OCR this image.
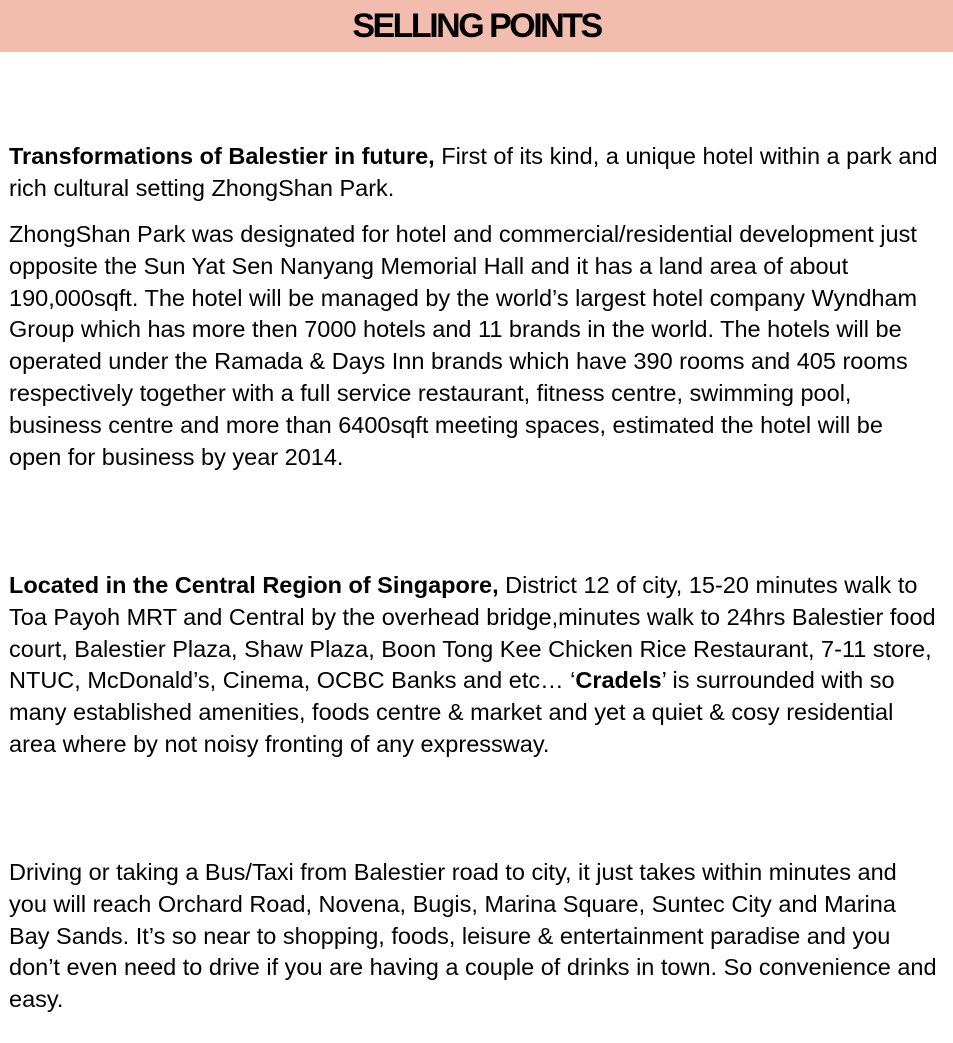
SELLING POINTS

Transformations of Balestier in future, First of its kind, a unique hotel within a park and rich cultural setting ZhongShan Park.

ZhongShan Park was designated for hotel and commercial/residential development just opposite the Sun Yat Sen Nanyang Memorial Hall and it has a land area of about 190,000sqft. The hotel will be managed by the world’s largest hotel company Wyndham Group which has more then 7000 hotels and 11 brands in the world. The hotels will be operated under the Ramada & Days Inn brands which have 390 rooms and 405 rooms respectively together with a full service restaurant, fitness centre, swimming pool, business centre and more than 6400sqft meeting spaces, estimated the hotel will be open for business by year 2014.

Located in the Central Region of Singapore, District 12 of city, 15-20 minutes walk to Toa Payoh MRT and Central by the overhead bridge,minutes walk to 24hrs Balestier food court, Balestier Plaza, Shaw Plaza, Boon Tong Kee Chicken Rice Restaurant, 7-11 store, NTUC, McDonald’s, Cinema, OCBC Banks and etc… ‘Cradels’ is surrounded with so many established amenities, foods centre & market and yet a quiet & cosy residential area where by not noisy fronting of any expressway.

Driving or taking a Bus/Taxi from Balestier road to city, it just takes within minutes and you will reach Orchard Road, Novena, Bugis, Marina Square, Suntec City and Marina Bay Sands. It’s so near to shopping, foods, leisure & entertainment paradise and you don’t even need to drive if you are having a couple of drinks in town. So convenience and easy.
